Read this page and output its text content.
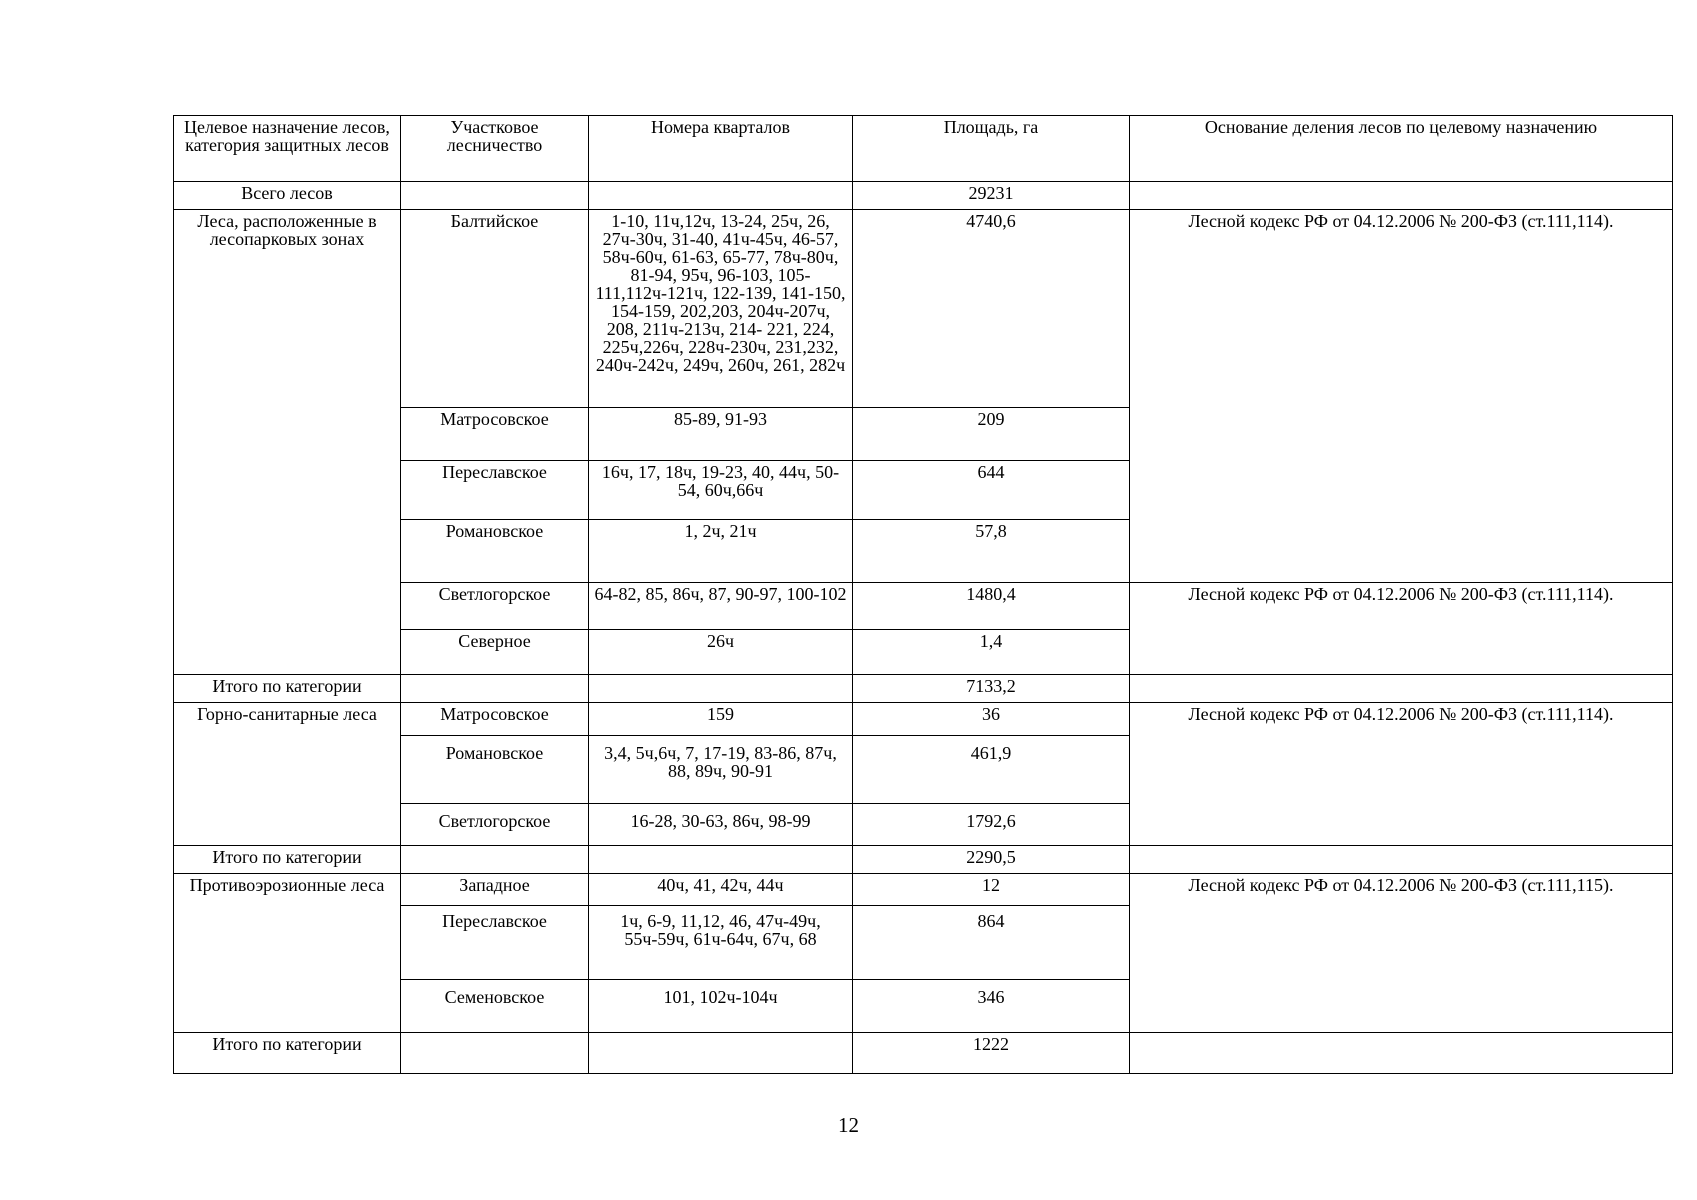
Целевое назначение лесов, категория защитных лесов	Участковое лесничество	Номера кварталов	Площадь, га	Основание деления лесов по целевому назначению
Всего лесов			29231	
Леса, расположенные в лесопарковых зонах	Балтийское	1-10, 11ч,12ч, 13-24, 25ч, 26, 27ч-30ч, 31-40, 41ч-45ч, 46-57, 58ч-60ч, 61-63, 65-77, 78ч-80ч, 81-94, 95ч, 96-103, 105-111,112ч-121ч, 122-139, 141-150, 154-159, 202,203, 204ч-207ч, 208, 211ч-213ч, 214- 221, 224, 225ч,226ч, 228ч-230ч, 231,232, 240ч-242ч, 249ч, 260ч, 261, 282ч	4740,6	Лесной кодекс РФ от 04.12.2006 № 200-ФЗ (ст.111,114).
	Матросовское	85-89, 91-93	209	
	Переславское	16ч, 17, 18ч, 19-23, 40, 44ч, 50-54, 60ч,66ч	644	
	Романовское	1, 2ч, 21ч	57,8	
	Светлогорское	64-82, 85, 86ч, 87, 90-97, 100-102	1480,4	Лесной кодекс РФ от 04.12.2006 № 200-ФЗ (ст.111,114).
	Северное	26ч	1,4	
Итого по категории			7133,2	
Горно-санитарные леса	Матросовское	159	36	Лесной кодекс РФ от 04.12.2006 № 200-ФЗ (ст.111,114).
	Романовское	3,4, 5ч,6ч, 7, 17-19, 83-86, 87ч, 88, 89ч, 90-91	461,9	
	Светлогорское	16-28, 30-63, 86ч, 98-99	1792,6	
Итого по категории			2290,5	
Противоэрозионные леса	Западное	40ч, 41, 42ч, 44ч	12	Лесной кодекс РФ от 04.12.2006 № 200-ФЗ (ст.111,115).
	Переславское	1ч, 6-9, 11,12, 46, 47ч-49ч, 55ч-59ч, 61ч-64ч, 67ч, 68	864	
	Семеновское	101, 102ч-104ч	346	
Итого по категории			1222	
12
